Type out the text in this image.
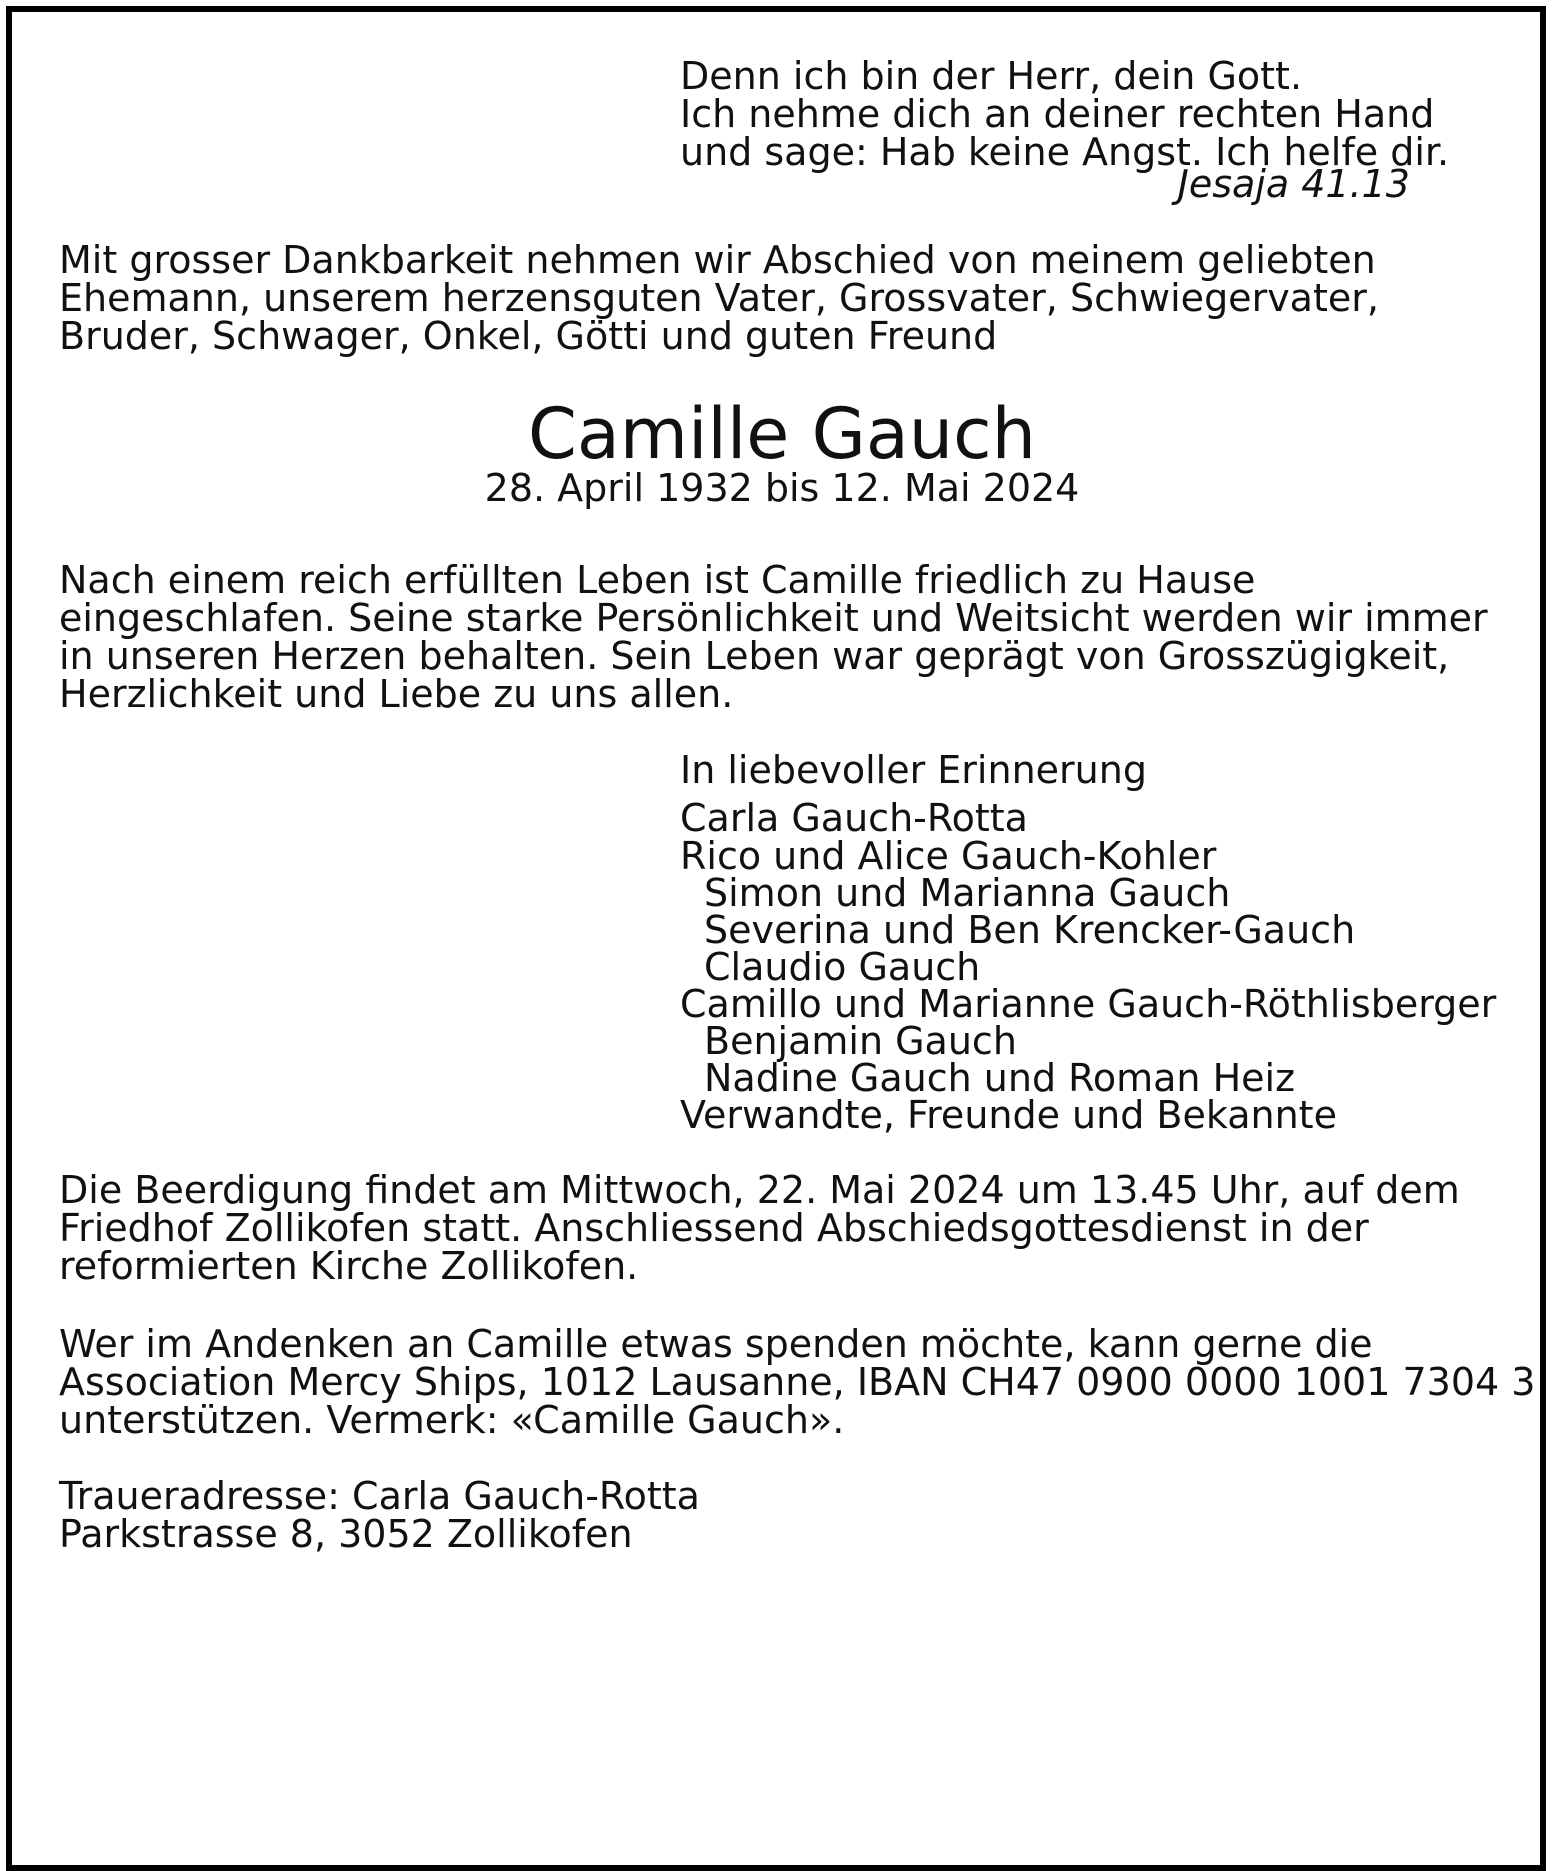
Denn ich bin der Herr, dein Gott.
Ich nehme dich an deiner rechten Hand
und sage: Hab keine Angst. Ich helfe dir.
Jesaja 41.13
Mit grosser Dankbarkeit nehmen wir Abschied von meinem geliebten
Ehemann, unserem herzensguten Vater, Grossvater, Schwiegervater,
Bruder, Schwager, Onkel, Götti und guten Freund
Camille Gauch
28. April 1932 bis 12. Mai 2024
Nach einem reich erfüllten Leben ist Camille friedlich zu Hause
eingeschlafen. Seine starke Persönlichkeit und Weitsicht werden wir immer
in unseren Herzen behalten. Sein Leben war geprägt von Grosszügigkeit,
Herzlichkeit und Liebe zu uns allen.
In liebevoller Erinnerung
Carla Gauch-Rotta
Rico und Alice Gauch-Kohler
Simon und Marianna Gauch
Severina und Ben Krencker-Gauch
Claudio Gauch
Camillo und Marianne Gauch-Röthlisberger
Benjamin Gauch
Nadine Gauch und Roman Heiz
Verwandte, Freunde und Bekannte
Die Beerdigung findet am Mittwoch, 22. Mai 2024 um 13.45 Uhr, auf dem
Friedhof Zollikofen statt. Anschliessend Abschiedsgottesdienst in der
reformierten Kirche Zollikofen.
Wer im Andenken an Camille etwas spenden möchte, kann gerne die
Association Mercy Ships, 1012 Lausanne, IBAN CH47 0900 0000 1001 7304 3
unterstützen. Vermerk: «Camille Gauch».
Traueradresse: Carla Gauch-Rotta
Parkstrasse 8, 3052 Zollikofen
